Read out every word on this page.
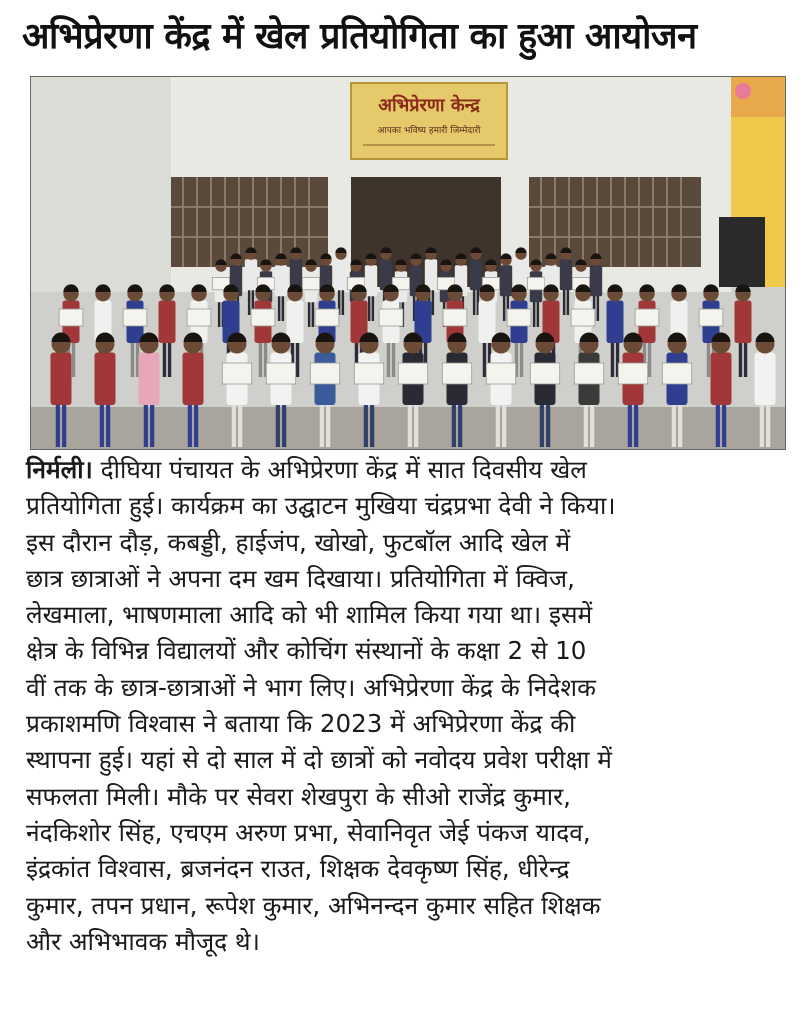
अभिप्रेरणा केंद्र में खेल प्रतियोगिता का हुआ आयोजन
अभिप्रेरणा केन्द्र
आपका भविष्य हमारी जिम्मेदारी
निर्मली। दीघिया पंचायत के अभिप्रेरणा केंद्र में सात दिवसीय खेल
प्रतियोगिता हुई। कार्यक्रम का उद्घाटन मुखिया चंद्रप्रभा देवी ने किया।
इस दौरान दौड़, कबड्डी, हाईजंप, खोखो, फुटबॉल आदि खेल में
छात्र छात्राओं ने अपना दम खम दिखाया। प्रतियोगिता में क्विज,
लेखमाला, भाषणमाला आदि को भी शामिल किया गया था। इसमें
क्षेत्र के विभिन्न विद्यालयों और कोचिंग संस्थानों के कक्षा 2 से 10
वीं तक के छात्र-छात्राओं ने भाग लिए। अभिप्रेरणा केंद्र के निदेशक
प्रकाशमणि विश्वास ने बताया कि 2023 में अभिप्रेरणा केंद्र की
स्थापना हुई। यहां से दो साल में दो छात्रों को नवोदय प्रवेश परीक्षा में
सफलता मिली। मौके पर सेवरा शेखपुरा के सीओ राजेंद्र कुमार,
नंदकिशोर सिंह, एचएम अरुण प्रभा, सेवानिवृत जेई पंकज यादव,
इंद्रकांत विश्वास, ब्रजनंदन राउत, शिक्षक देवकृष्ण सिंह, धीरेन्द्र
कुमार, तपन प्रधान, रूपेश कुमार, अभिनन्दन कुमार सहित शिक्षक
और अभिभावक मौजूद थे।
